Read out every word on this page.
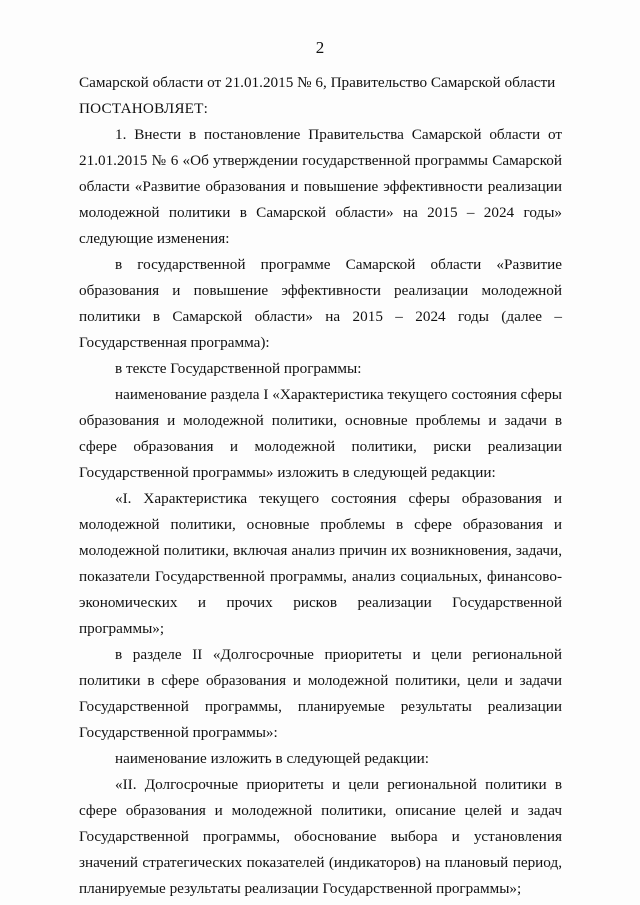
2

Самарской области от 21.01.2015 № 6, Правительство Самарской области

ПОСТАНОВЛЯЕТ:

1. Внести в постановление Правительства Самарской области от 21.01.2015 № 6 «Об утверждении государственной программы Самарской области «Развитие образования и повышение эффективности реализации молодежной политики в Самарской области» на 2015 – 2024 годы» следующие изменения:

в государственной программе Самарской области «Развитие образования и повышение эффективности реализации молодежной политики в Самарской области» на 2015 – 2024 годы (далее – Государственная программа):

в тексте Государственной программы:

наименование раздела I «Характеристика текущего состояния сферы образования и молодежной политики, основные проблемы и задачи в сфере образования и молодежной политики, риски реализации Государственной программы» изложить в следующей редакции:

«I. Характеристика текущего состояния сферы образования и молодежной политики, основные проблемы в сфере образования и молодежной политики, включая анализ причин их возникновения, задачи, показатели Государственной программы, анализ социальных, финансово-экономических и прочих рисков реализации Государственной программы»;

в разделе II «Долгосрочные приоритеты и цели региональной политики в сфере образования и молодежной политики, цели и задачи Государственной программы, планируемые результаты реализации Государственной программы»:

наименование изложить в следующей редакции:

«II. Долгосрочные приоритеты и цели региональной политики в сфере образования и молодежной политики, описание целей и задач Государственной программы, обоснование выбора и установления значений стратегических показателей (индикаторов) на плановый период, планируемые результаты реализации Государственной программы»;
